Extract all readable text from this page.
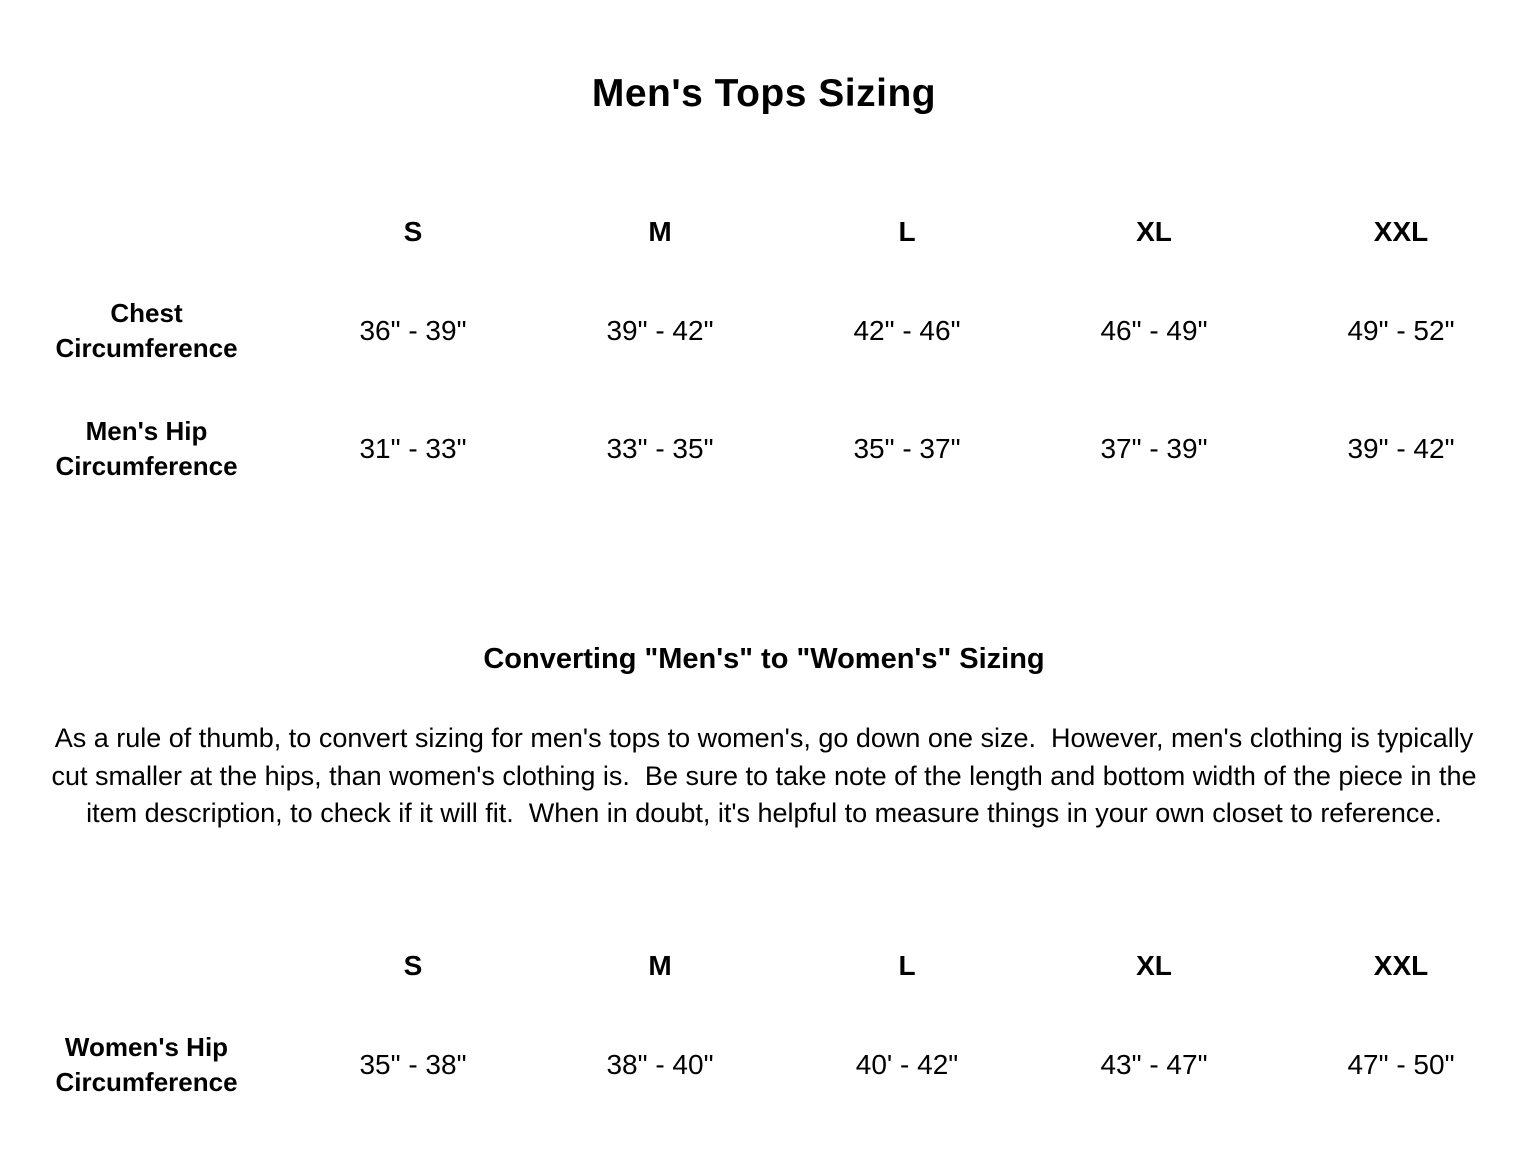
Men's Tops Sizing
	S	M	L	XL	XXL
Chest Circumference	36" - 39"	39" - 42"	42" - 46"	46" - 49"	49" - 52"
Men's Hip Circumference	31" - 33"	33" - 35"	35" - 37"	37" - 39"	39" - 42"
Converting "Men's" to "Women's" Sizing

As a rule of thumb, to convert sizing for men's tops to women's, go down one size.  However, men's clothing is typically cut smaller at the hips, than women's clothing is.  Be sure to take note of the length and bottom width of the piece in the item description, to check if it will fit.  When in doubt, it's helpful to measure things in your own closet to reference.

	S	M	L	XL	XXL
Women's Hip Circumference	35" - 38"	38" - 40"	40' - 42"	43" - 47"	47" - 50"
